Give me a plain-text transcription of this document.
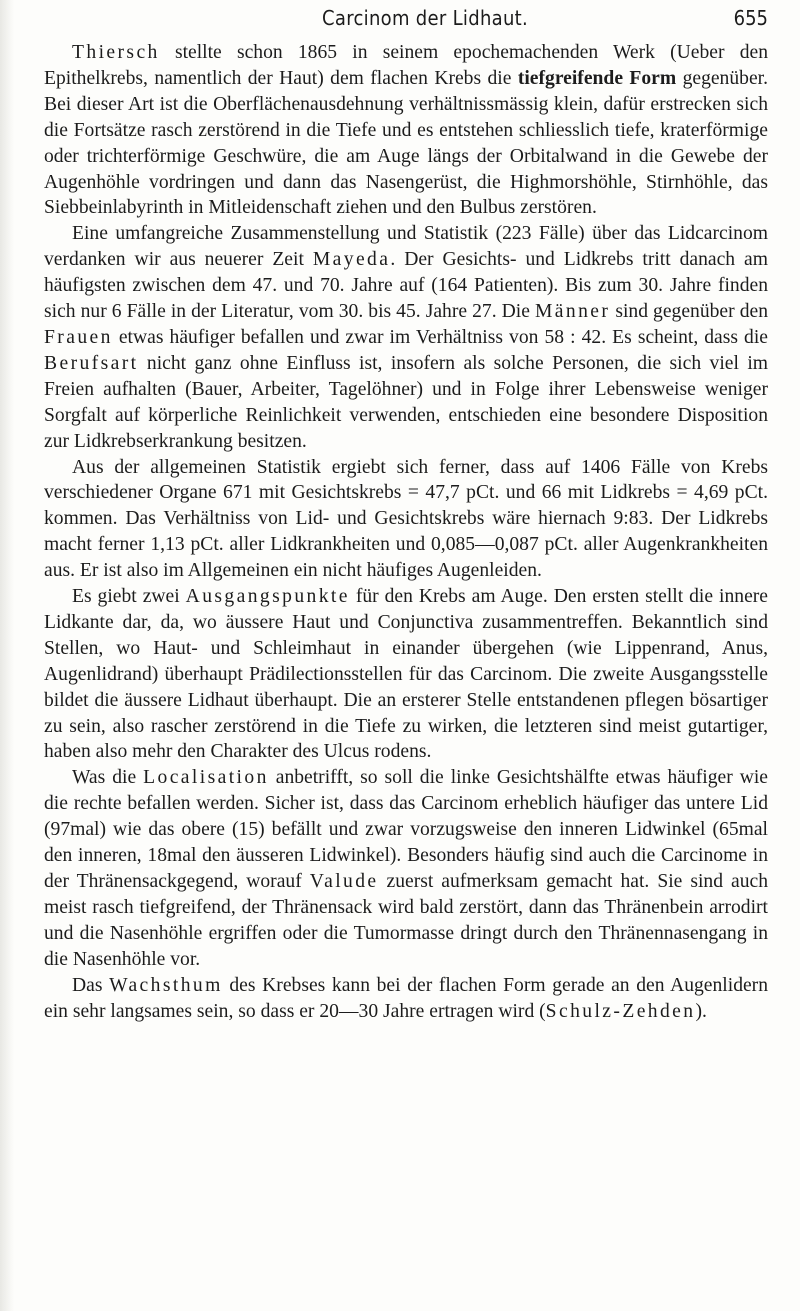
Carcinom der Lidhaut.	655

Thiersch stellte schon 1865 in seinem epochemachenden Werk (Ueber den Epithelkrebs, namentlich der Haut) dem flachen Krebs die tiefgreifende Form gegenüber. Bei dieser Art ist die Oberflächenausdehnung verhältnissmässig klein, dafür erstrecken sich die Fortsätze rasch zerstörend in die Tiefe und es entstehen schliesslich tiefe, kraterförmige oder trichterförmige Geschwüre, die am Auge längs der Orbitalwand in die Gewebe der Augenhöhle vordringen und dann das Nasengerüst, die Highmorshöhle, Stirnhöhle, das Siebbeinlabyrinth in Mitleidenschaft ziehen und den Bulbus zerstören.

Eine umfangreiche Zusammenstellung und Statistik (223 Fälle) über das Lidcarcinom verdanken wir aus neuerer Zeit Mayeda. Der Gesichts- und Lidkrebs tritt danach am häufigsten zwischen dem 47. und 70. Jahre auf (164 Patienten). Bis zum 30. Jahre finden sich nur 6 Fälle in der Literatur, vom 30. bis 45. Jahre 27. Die Männer sind gegenüber den Frauen etwas häufiger befallen und zwar im Verhältniss von 58 : 42. Es scheint, dass die Berufsart nicht ganz ohne Einfluss ist, insofern als solche Personen, die sich viel im Freien aufhalten (Bauer, Arbeiter, Tagelöhner) und in Folge ihrer Lebensweise weniger Sorgfalt auf körperliche Reinlichkeit verwenden, entschieden eine besondere Disposition zur Lidkrebserkrankung besitzen.

Aus der allgemeinen Statistik ergiebt sich ferner, dass auf 1406 Fälle von Krebs verschiedener Organe 671 mit Gesichtskrebs = 47,7 pCt. und 66 mit Lidkrebs = 4,69 pCt. kommen. Das Verhältniss von Lid- und Gesichtskrebs wäre hiernach 9:83. Der Lidkrebs macht ferner 1,13 pCt. aller Lidkrankheiten und 0,085—0,087 pCt. aller Augenkrankheiten aus. Er ist also im Allgemeinen ein nicht häufiges Augenleiden.

Es giebt zwei Ausgangspunkte für den Krebs am Auge. Den ersten stellt die innere Lidkante dar, da, wo äussere Haut und Conjunctiva zusammentreffen. Bekanntlich sind Stellen, wo Haut- und Schleimhaut in einander übergehen (wie Lippenrand, Anus, Augenlidrand) überhaupt Prädilectionsstellen für das Carcinom. Die zweite Ausgangsstelle bildet die äussere Lidhaut überhaupt. Die an ersterer Stelle entstandenen pflegen bösartiger zu sein, also rascher zerstörend in die Tiefe zu wirken, die letzteren sind meist gutartiger, haben also mehr den Charakter des Ulcus rodens.

Was die Localisation anbetrifft, so soll die linke Gesichtshälfte etwas häufiger wie die rechte befallen werden. Sicher ist, dass das Carcinom erheblich häufiger das untere Lid (97mal) wie das obere (15) befällt und zwar vorzugsweise den inneren Lidwinkel (65mal den inneren, 18mal den äusseren Lidwinkel). Besonders häufig sind auch die Carcinome in der Thränensackgegend, worauf Valude zuerst aufmerksam gemacht hat. Sie sind auch meist rasch tiefgreifend, der Thränensack wird bald zerstört, dann das Thränenbein arrodirt und die Nasenhöhle ergriffen oder die Tumormasse dringt durch den Thränennasengang in die Nasenhöhle vor.

Das Wachsthum des Krebses kann bei der flachen Form gerade an den Augenlidern ein sehr langsames sein, so dass er 20—30 Jahre ertragen wird (Schulz-Zehden).
